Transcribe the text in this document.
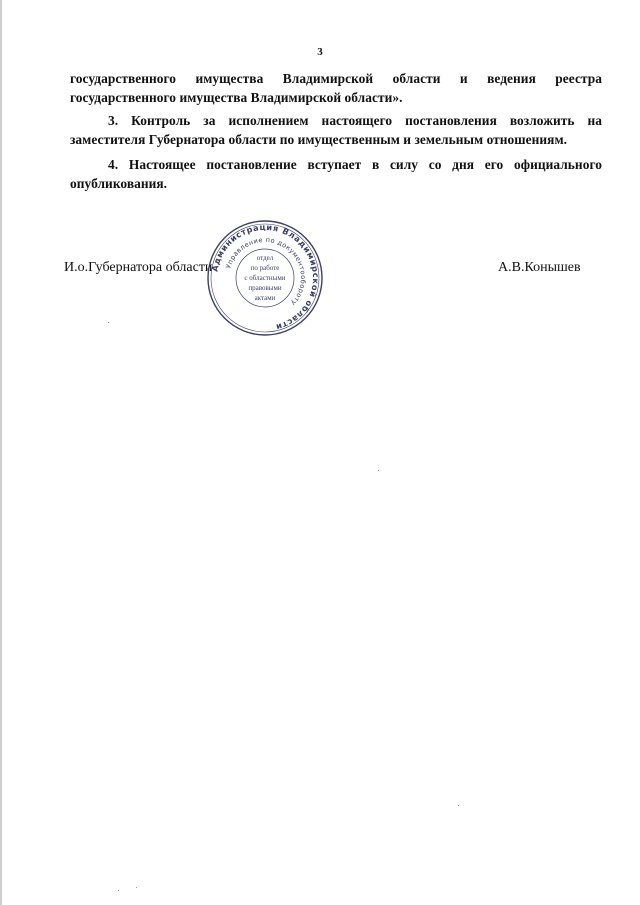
3
государственного имущества Владимирской области и ведения реестра государственного имущества Владимирской области».
3. Контроль за исполнением настоящего постановления возложить на заместителя Губернатора области по имущественным и земельным отношениям.
4. Настоящее постановление вступает в силу со дня его официального опубликования.
И.о.Губернатора области	А.В.Конышев
Администрация Владимирской области
Управление по документообороту
отдел
по работе
с областными
правовыми
актами
